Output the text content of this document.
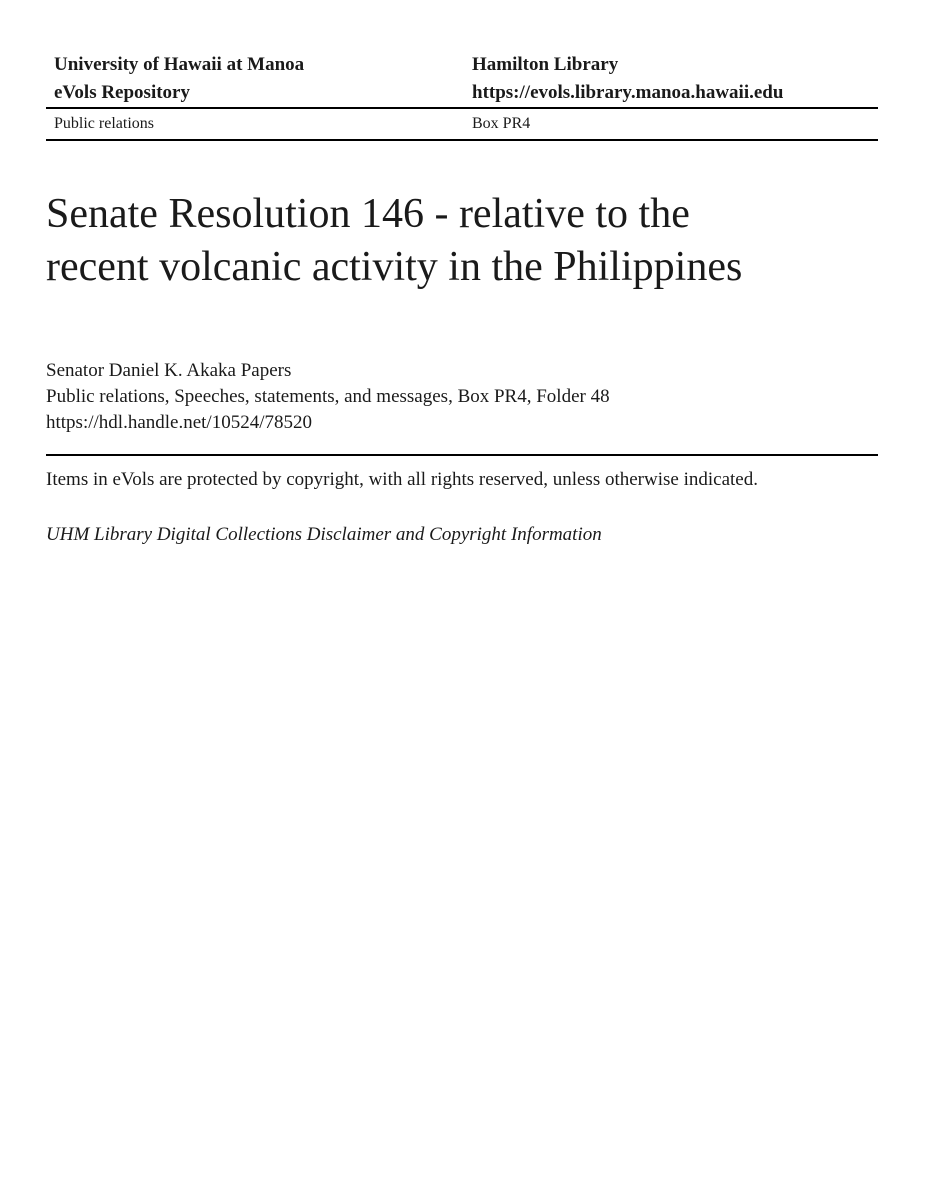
University of Hawaii at Manoa	Hamilton Library
eVols Repository	https://evols.library.manoa.hawaii.edu
Public relations	Box PR4
Senate Resolution 146 - relative to the
recent volcanic activity in the Philippines
Senator Daniel K. Akaka Papers
Public relations, Speeches, statements, and messages, Box PR4, Folder 48
https://hdl.handle.net/10524/78520
Items in eVols are protected by copyright, with all rights reserved, unless otherwise indicated.
UHM Library Digital Collections Disclaimer and Copyright Information
